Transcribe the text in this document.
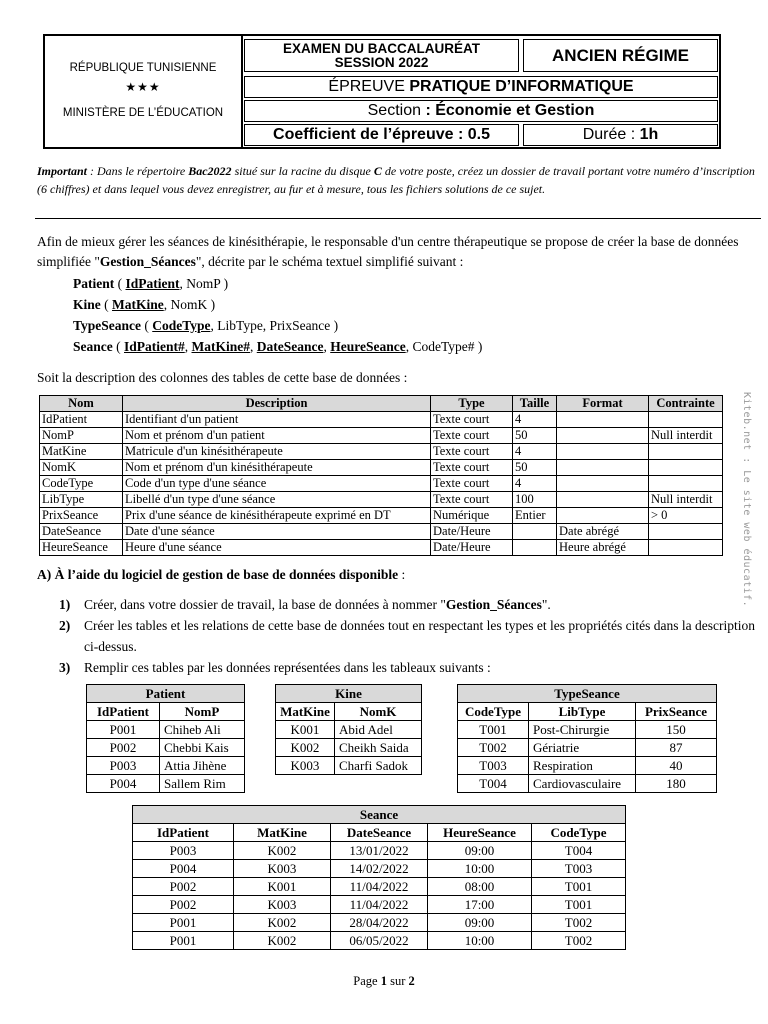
RÉPUBLIQUE TUNISIENNE
★★★
MINISTÈRE DE L’ÉDUCATION
EXAMEN DU BACCALAURÉAT
SESSION 2022	ANCIEN RÉGIME
ÉPREUVE PRATIQUE D’INFORMATIQUE
Section : Économie et Gestion
Coefficient de l’épreuve : 0.5	Durée : 1h
Important : Dans le répertoire Bac2022 situé sur la racine du disque C de votre poste, créez un dossier de travail portant votre numéro d’inscription (6 chiffres) et dans lequel vous devez enregistrer, au fur et à mesure, tous les fichiers solutions de ce sujet.
Afin de mieux gérer les séances de kinésithérapie, le responsable d'un centre thérapeutique se propose de créer la base de données simplifiée "Gestion_Séances", décrite par le schéma textuel simplifié suivant :
Patient ( IdPatient, NomP )
Kine ( MatKine, NomK )
TypeSeance ( CodeType, LibType, PrixSeance )
Seance ( IdPatient#, MatKine#, DateSeance, HeureSeance, CodeType# )
Soit la description des colonnes des tables de cette base de données :
Nom	Description	Type	Taille	Format	Contrainte
IdPatient	Identifiant d'un patient	Texte court	4		
NomP	Nom et prénom d'un patient	Texte court	50		Null interdit
MatKine	Matricule d'un kinésithérapeute	Texte court	4		
NomK	Nom et prénom d'un kinésithérapeute	Texte court	50		
CodeType	Code d'un type d'une séance	Texte court	4		
LibType	Libellé d'un type d'une séance	Texte court	100		Null interdit
PrixSeance	Prix d'une séance de kinésithérapeute exprimé en DT	Numérique	Entier		> 0
DateSeance	Date d'une séance	Date/Heure		Date abrégé	
HeureSeance	Heure d'une séance	Date/Heure		Heure abrégé	
A) À l’aide du logiciel de gestion de base de données disponible :
1) Créer, dans votre dossier de travail, la base de données à nommer "Gestion_Séances".
2) Créer les tables et les relations de cette base de données tout en respectant les types et les propriétés cités dans la description ci-dessus.
3) Remplir ces tables par les données représentées dans les tableaux suivants :
Patient	
IdPatient	NomP
P001	Chiheb Ali
P002	Chebbi Kais
P003	Attia Jihène
P004	Sallem Rim
Kine	
MatKine	NomK
K001	Abid Adel
K002	Cheikh Saida
K003	Charfi Sadok
TypeSeance		
CodeType	LibType	PrixSeance
T001	Post-Chirurgie	150
T002	Gériatrie	87
T003	Respiration	40
T004	Cardiovasculaire	180
Seance				
IdPatient	MatKine	DateSeance	HeureSeance	CodeType
P003	K002	13/01/2022	09:00	T004
P004	K003	14/02/2022	10:00	T003
P002	K001	11/04/2022	08:00	T001
P002	K003	11/04/2022	17:00	T001
P001	K002	28/04/2022	09:00	T002
P001	K002	06/05/2022	10:00	T002
Kiteb.net : Le site web éducatif.
Page 1 sur 2
